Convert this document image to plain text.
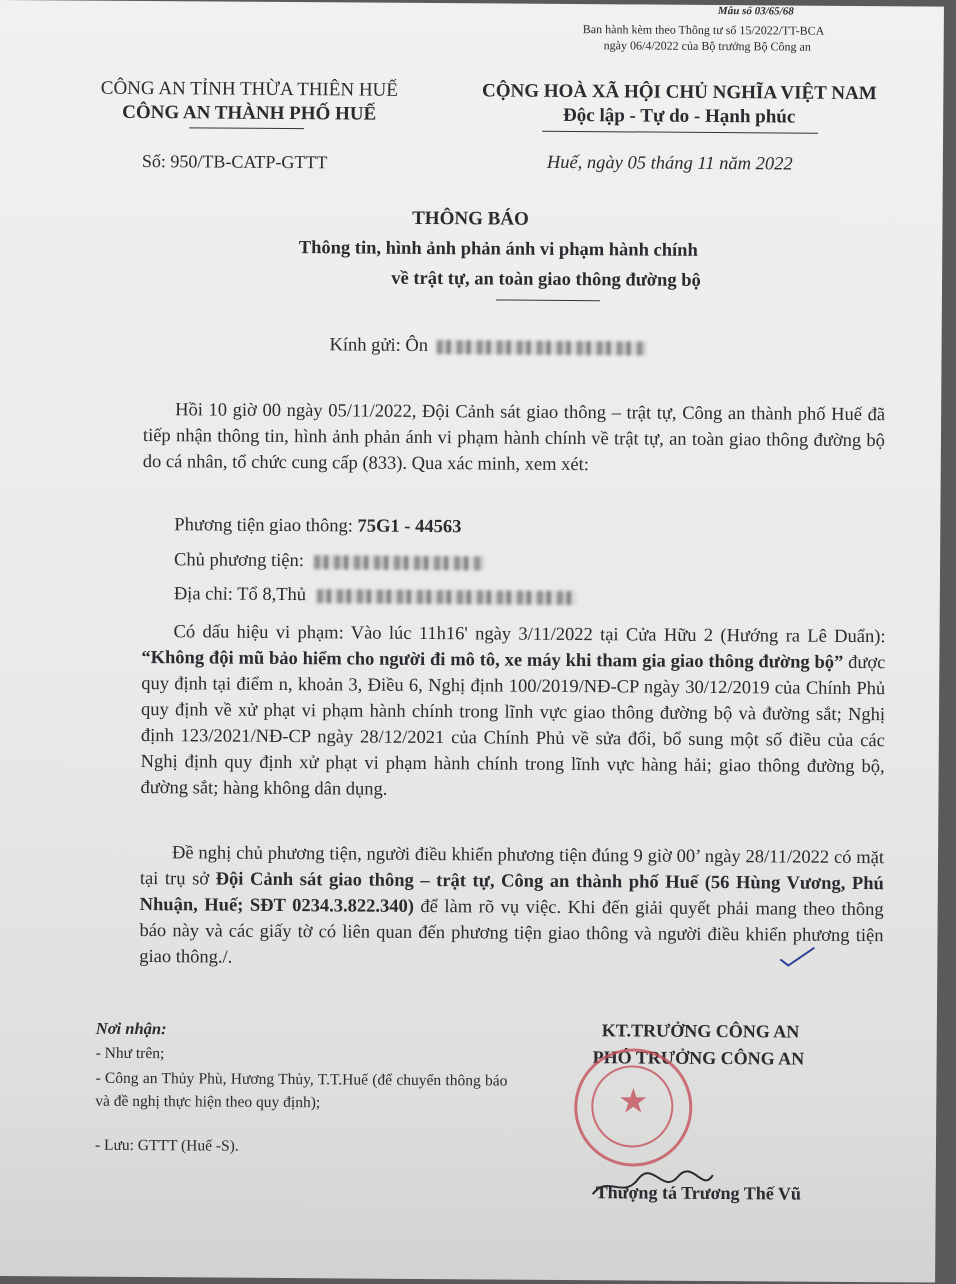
Mẫu số 03/65/68
Ban hành kèm theo Thông tư số 15/2022/TT-BCA
ngày 06/4/2022 của Bộ trưởng Bộ Công an
CÔNG AN TỈNH THỪA THIÊN HUẾ
CÔNG AN THÀNH PHỐ HUẾ
Số: 950/TB-CATP-GTTT
CỘNG HOÀ XÃ HỘI CHỦ NGHĨA VIỆT NAM
Độc lập - Tự do - Hạnh phúc
Huế, ngày 05 tháng 11 năm 2022
THÔNG BÁO
Thông tin, hình ảnh phản ánh vi phạm hành chính
về trật tự, an toàn giao thông đường bộ
Kính gửi: Ôn
Hồi 10 giờ 00 ngày 05/11/2022, Đội Cảnh sát giao thông – trật tự, Công an thành phố Huế đã tiếp nhận thông tin, hình ảnh phản ánh vi phạm hành chính về trật tự, an toàn giao thông đường bộ do cá nhân, tổ chức cung cấp (833). Qua xác minh, xem xét:
Phương tiện giao thông: 75G1 - 44563
Chủ phương tiện:
Địa chỉ: Tổ 8,Thủ
Có dấu hiệu vi phạm: Vào lúc 11h16' ngày 3/11/2022 tại Cửa Hữu 2 (Hướng ra Lê Duẩn): “Không đội mũ bảo hiểm cho người đi mô tô, xe máy khi tham gia giao thông đường bộ” được quy định tại điểm n, khoản 3, Điều 6, Nghị định 100/2019/NĐ-CP ngày 30/12/2019 của Chính Phủ quy định về xử phạt vi phạm hành chính trong lĩnh vực giao thông đường bộ và đường sắt; Nghị định 123/2021/NĐ-CP ngày 28/12/2021 của Chính Phủ về sửa đổi, bổ sung một số điều của các Nghị định quy định xử phạt vi phạm hành chính trong lĩnh vực hàng hải; giao thông đường bộ, đường sắt; hàng không dân dụng.
Đề nghị chủ phương tiện, người điều khiển phương tiện đúng 9 giờ 00’ ngày 28/11/2022 có mặt tại trụ sở Đội Cảnh sát giao thông – trật tự, Công an thành phố Huế (56 Hùng Vương, Phú Nhuận, Huế; SĐT 0234.3.822.340) để làm rõ vụ việc. Khi đến giải quyết phải mang theo thông báo này và các giấy tờ có liên quan đến phương tiện giao thông và người điều khiển phương tiện giao thông./.
Nơi nhận:
- Như trên;
- Công an Thủy Phù, Hương Thủy, T.T.Huế (để chuyển thông báo và đề nghị thực hiện theo quy định);
- Lưu: GTTT (Huế -S).
KT.TRƯỞNG CÔNG AN
PHÓ TRƯỞNG CÔNG AN
★
Thượng tá Trương Thế Vũ
